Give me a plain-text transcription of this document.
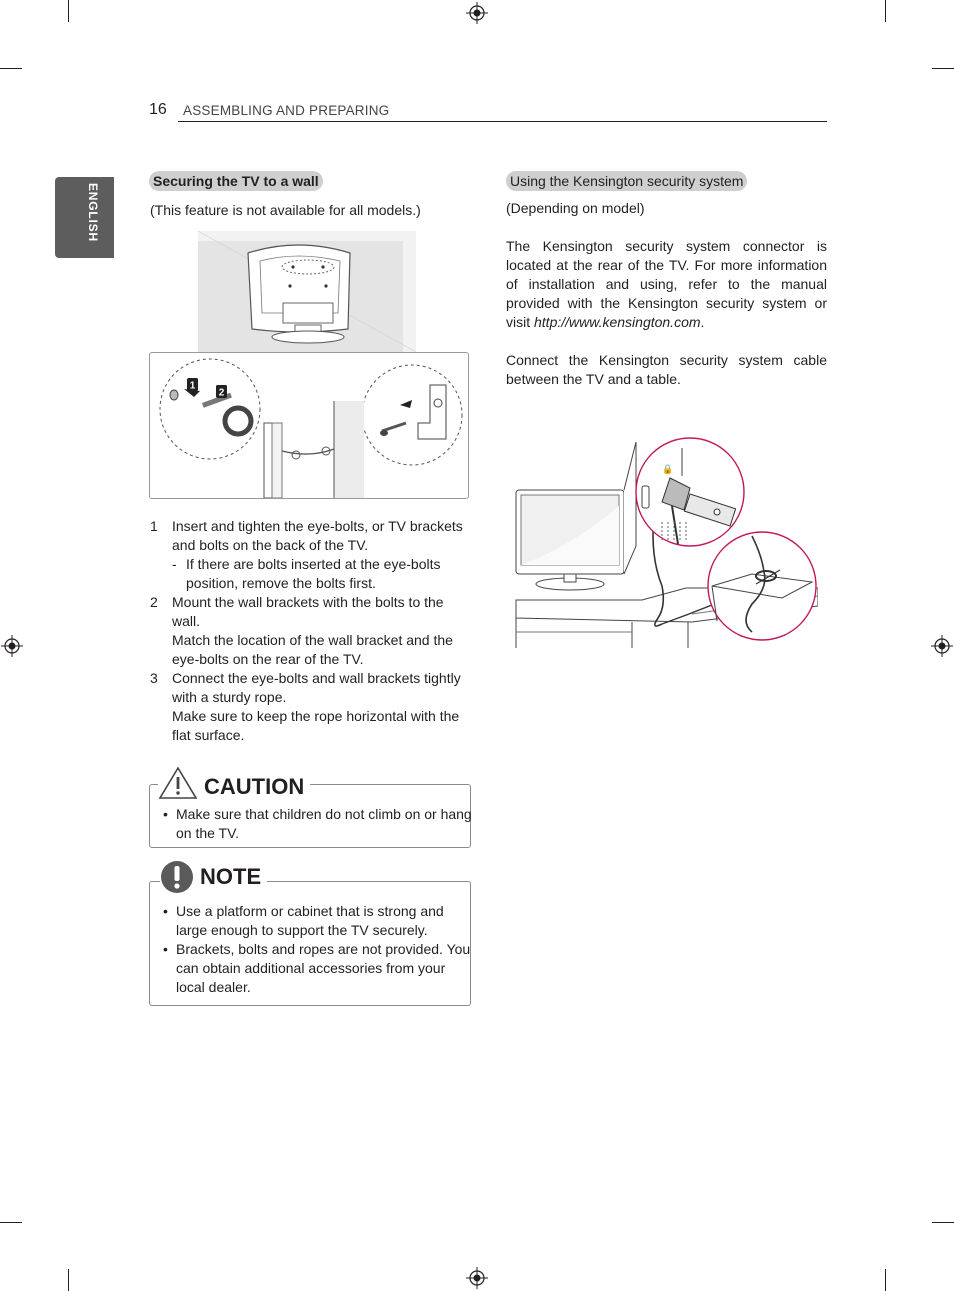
16 ASSEMBLING AND PREPARING
ENGLISH
Securing the TV to a wall
(This feature is not available for all models.)
1
2
1 Insert and tighten the eye-bolts, or TV brackets and bolts on the back of the TV.
- If there are bolts inserted at the eye-bolts position, remove the bolts first.
2 Mount the wall brackets with the bolts to the wall.
Match the location of the wall bracket and the eye-bolts on the rear of the TV.
3 Connect the eye-bolts and wall brackets tightly with a sturdy rope.
Make sure to keep the rope horizontal with the flat surface.
• Make sure that children do not climb on or hang on the TV.
CAUTION
• Use a platform or cabinet that is strong and large enough to support the TV securely.
• Brackets, bolts and ropes are not provided. You can obtain additional accessories from your local dealer.
NOTE
Using the Kensington security system
(Depending on model)
The Kensington security system connector is located at the rear of the TV. For more information of installation and using, refer to the manual provided with the Kensington security system or visit http://www.kensington.com.
Connect the Kensington security system cable between the TV and a table.
🔒
